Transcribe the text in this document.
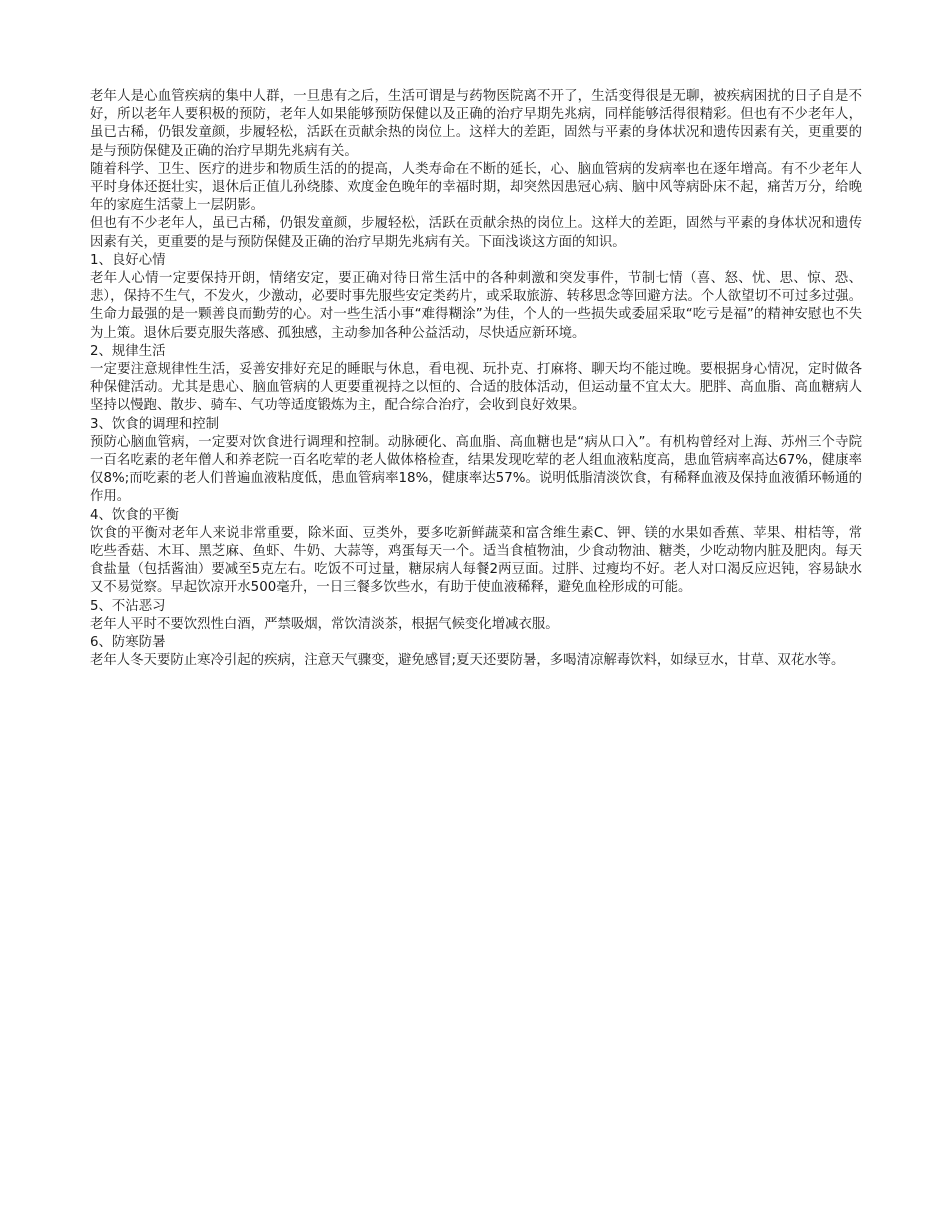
老年人是心血管疾病的集中人群，一旦患有之后，生活可谓是与药物医院离不开了，生活变得很是无聊，被疾病困扰的日子自是不好，所以老年人要积极的预防，老年人如果能够预防保健以及正确的治疗早期先兆病，同样能够活得很精彩。但也有不少老年人，虽已古稀，仍银发童颜，步履轻松，活跃在贡献余热的岗位上。这样大的差距，固然与平素的身体状况和遗传因素有关，更重要的是与预防保健及正确的治疗早期先兆病有关。

随着科学、卫生、医疗的进步和物质生活的的提高，人类寿命在不断的延长，心、脑血管病的发病率也在逐年增高。有不少老年人平时身体还挺壮实，退休后正值儿孙绕膝、欢度金色晚年的幸福时期，却突然因患冠心病、脑中风等病卧床不起，痛苦万分，给晚年的家庭生活蒙上一层阴影。

但也有不少老年人，虽已古稀，仍银发童颜，步履轻松，活跃在贡献余热的岗位上。这样大的差距，固然与平素的身体状况和遗传因素有关，更重要的是与预防保健及正确的治疗早期先兆病有关。下面浅谈这方面的知识。

1、良好心情

老年人心情一定要保持开朗，情绪安定，要正确对待日常生活中的各种刺激和突发事件，节制七情（喜、怒、忧、思、惊、恐、悲），保持不生气，不发火，少激动，必要时事先服些安定类药片，或采取旅游、转移思念等回避方法。个人欲望切不可过多过强。生命力最强的是一颗善良而勤劳的心。对一些生活小事“难得糊涂”为佳，个人的一些损失或委屈采取“吃亏是福”的精神安慰也不失为上策。退休后要克服失落感、孤独感，主动参加各种公益活动，尽快适应新环境。

2、规律生活

一定要注意规律性生活，妥善安排好充足的睡眠与休息，看电视、玩扑克、打麻将、聊天均不能过晚。要根据身心情况，定时做各种保健活动。尤其是患心、脑血管病的人更要重视持之以恒的、合适的肢体活动，但运动量不宜太大。肥胖、高血脂、高血糖病人坚持以慢跑、散步、骑车、气功等适度锻炼为主，配合综合治疗，会收到良好效果。

3、饮食的调理和控制

预防心脑血管病，一定要对饮食进行调理和控制。动脉硬化、高血脂、高血糖也是“病从口入”。有机构曾经对上海、苏州三个寺院一百名吃素的老年僧人和养老院一百名吃荤的老人做体格检查，结果发现吃荤的老人组血液粘度高，患血管病率高达67%，健康率仅8%;而吃素的老人们普遍血液粘度低，患血管病率18%，健康率达57%。说明低脂清淡饮食，有稀释血液及保持血液循环畅通的作用。

4、饮食的平衡

饮食的平衡对老年人来说非常重要，除米面、豆类外，要多吃新鲜蔬菜和富含维生素C、钾、镁的水果如香蕉、苹果、柑桔等，常吃些香菇、木耳、黑芝麻、鱼虾、牛奶、大蒜等，鸡蛋每天一个。适当食植物油，少食动物油、糖类，少吃动物内脏及肥肉。每天食盐量（包括酱油）要减至5克左右。吃饭不可过量，糖尿病人每餐2两豆面。过胖、过瘦均不好。老人对口渴反应迟钝，容易缺水又不易觉察。早起饮凉开水500毫升，一日三餐多饮些水，有助于使血液稀释，避免血栓形成的可能。

5、不沾恶习

老年人平时不要饮烈性白酒，严禁吸烟，常饮清淡茶，根据气候变化增减衣服。

6、防寒防暑

老年人冬天要防止寒冷引起的疾病，注意天气骤变，避免感冒;夏天还要防暑，多喝清凉解毒饮料，如绿豆水，甘草、双花水等。
